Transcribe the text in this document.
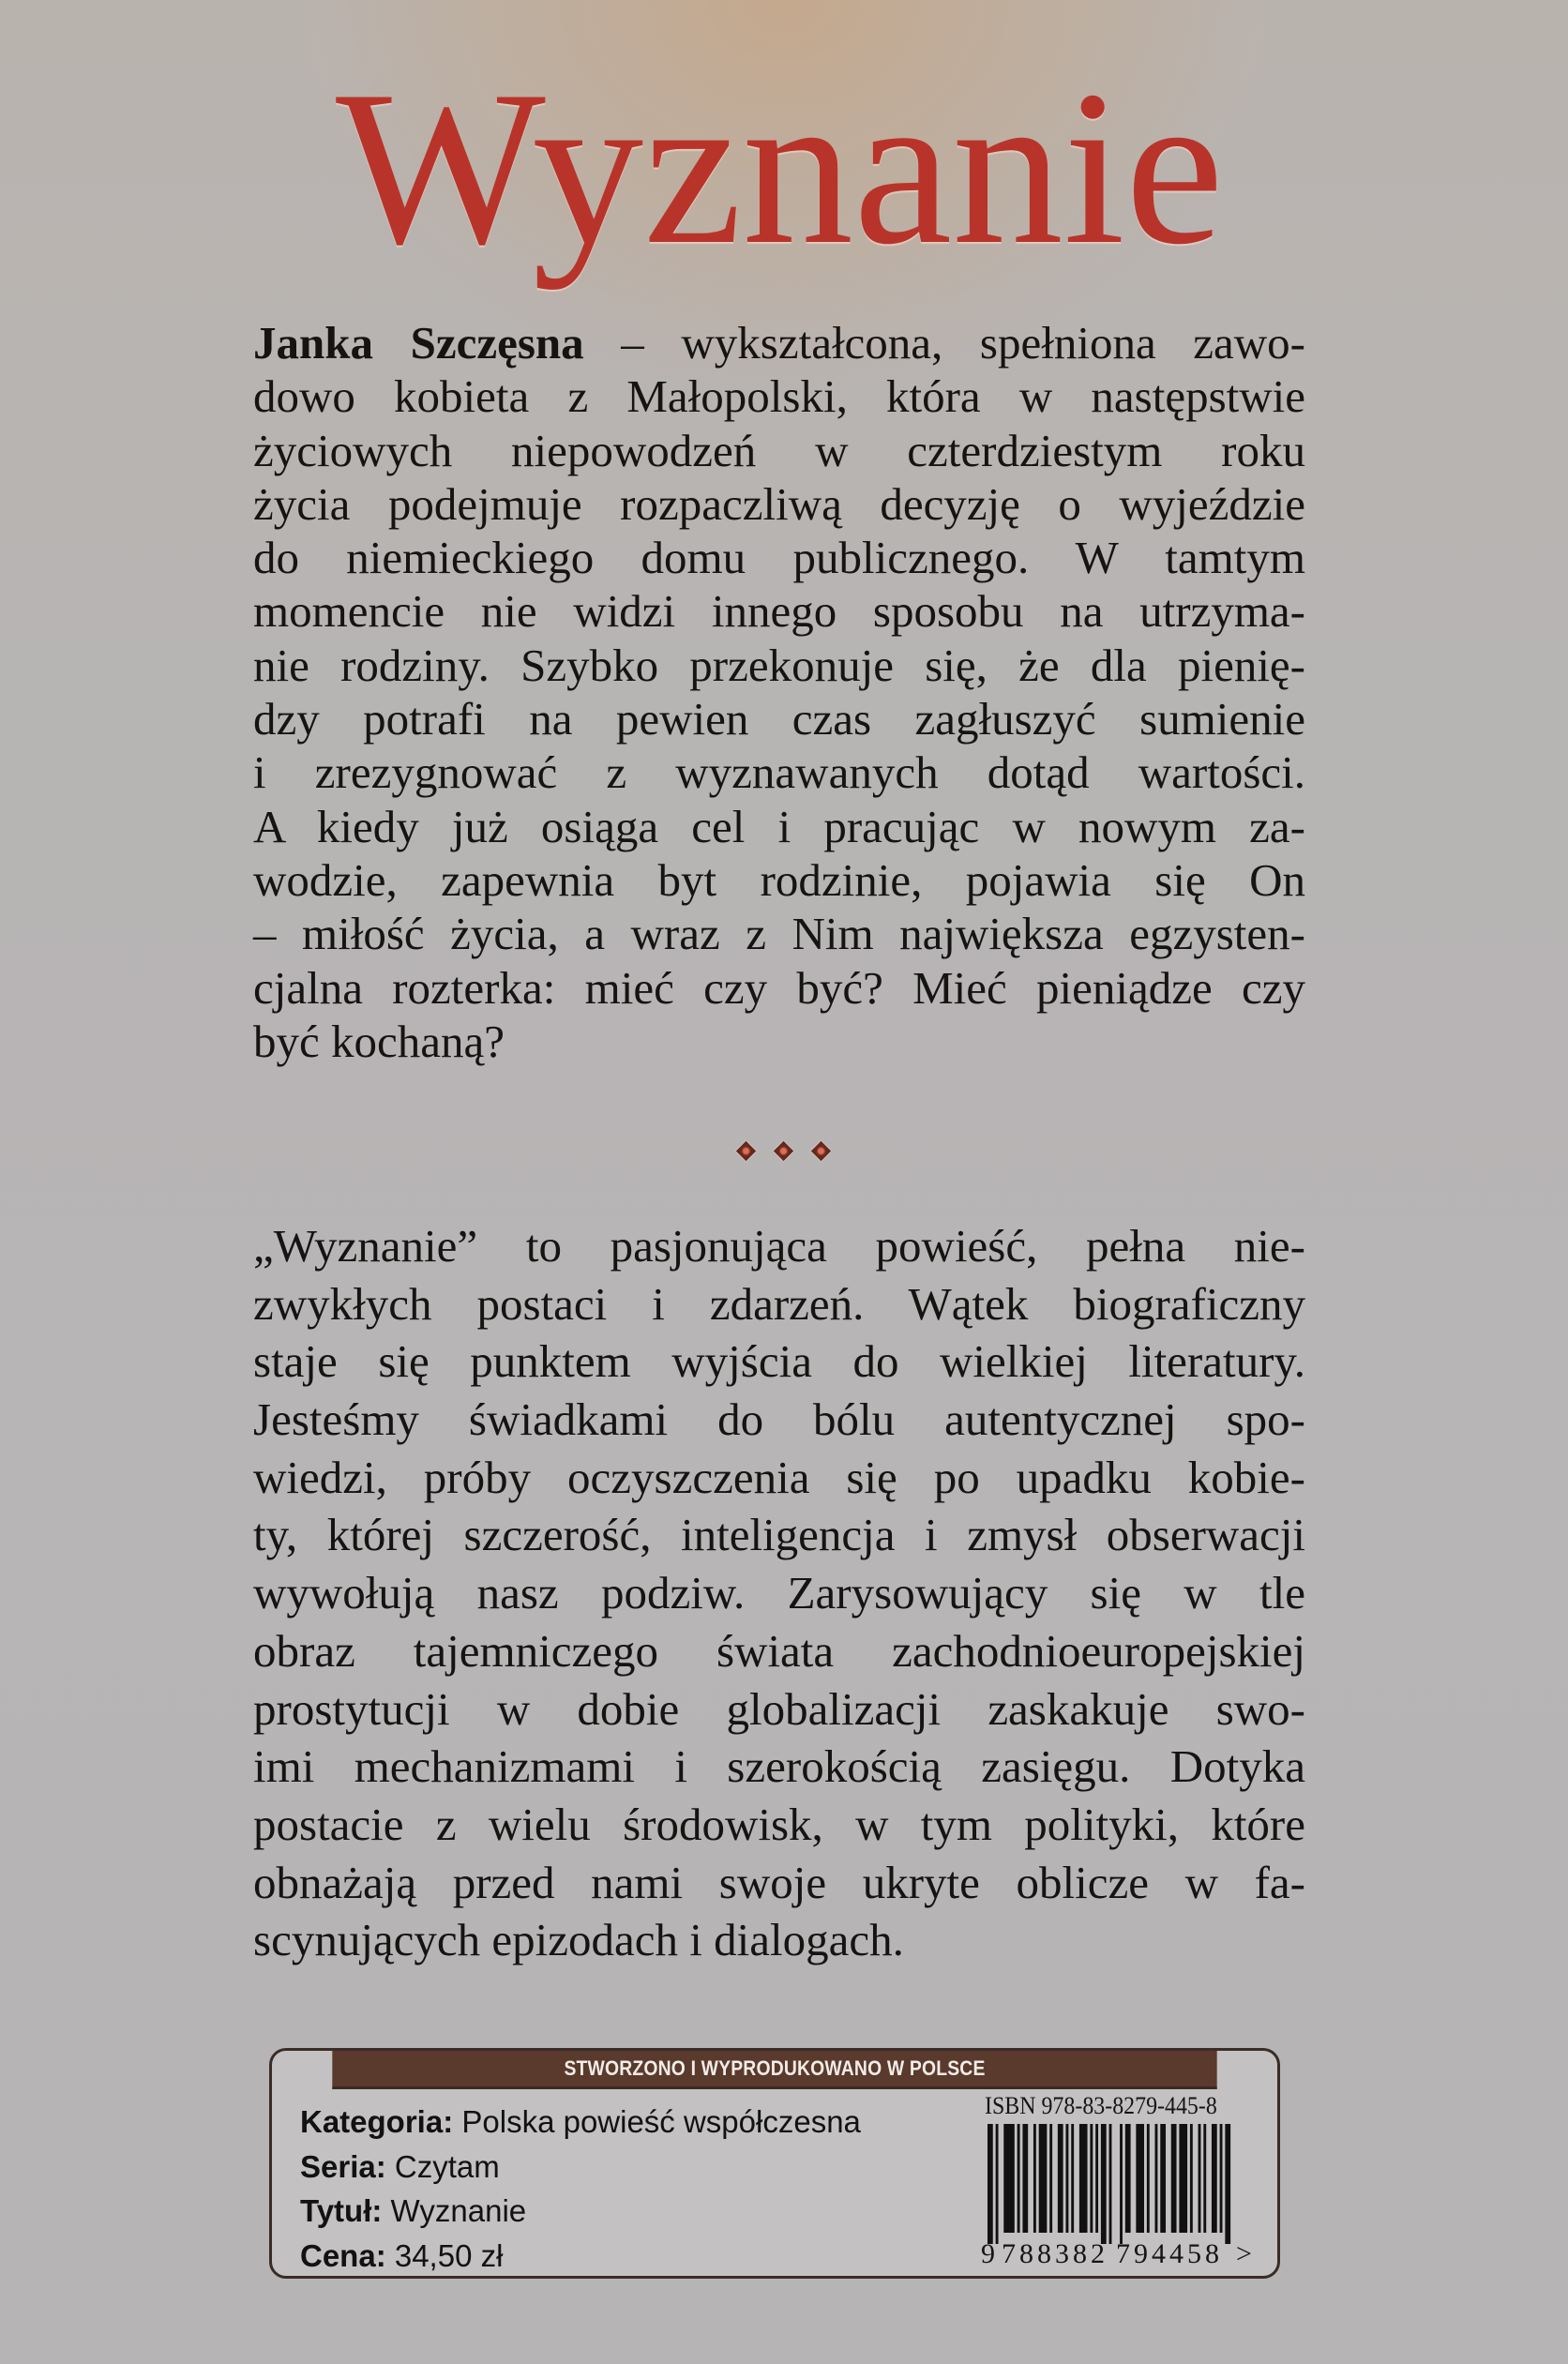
Wyznanie
Janka Szczęsna – wykształcona, spełniona zawo-
dowo kobieta z Małopolski, która w następstwie
życiowych niepowodzeń w czterdziestym roku
życia podejmuje rozpaczliwą decyzję o wyjeździe
do niemieckiego domu publicznego. W tamtym
momencie nie widzi innego sposobu na utrzyma-
nie rodziny. Szybko przekonuje się, że dla pienię-
dzy potrafi na pewien czas zagłuszyć sumienie
i zrezygnować z wyznawanych dotąd wartości.
A kiedy już osiąga cel i pracując w nowym za-
wodzie, zapewnia byt rodzinie, pojawia się On
– miłość życia, a wraz z Nim największa egzysten-
cjalna rozterka: mieć czy być? Mieć pieniądze czy
być kochaną?
„Wyznanie” to pasjonująca powieść, pełna nie-
zwykłych postaci i zdarzeń. Wątek biograficzny
staje się punktem wyjścia do wielkiej literatury.
Jesteśmy świadkami do bólu autentycznej spo-
wiedzi, próby oczyszczenia się po upadku kobie-
ty, której szczerość, inteligencja i zmysł obserwacji
wywołują nasz podziw. Zarysowujący się w tle
obraz tajemniczego świata zachodnioeuropejskiej
prostytucji w dobie globalizacji zaskakuje swo-
imi mechanizmami i szerokością zasięgu. Dotyka
postacie z wielu środowisk, w tym polityki, które
obnażają przed nami swoje ukryte oblicze w fa-
scynujących epizodach i dialogach.
STWORZONO I WYPRODUKOWANO W POLSCE
Kategoria: Polska powieść współczesna
Seria: Czytam
Tytuł: Wyznanie
Cena: 34,50 zł
ISBN 978-83-8279-445-8
9 788382 794458 >
